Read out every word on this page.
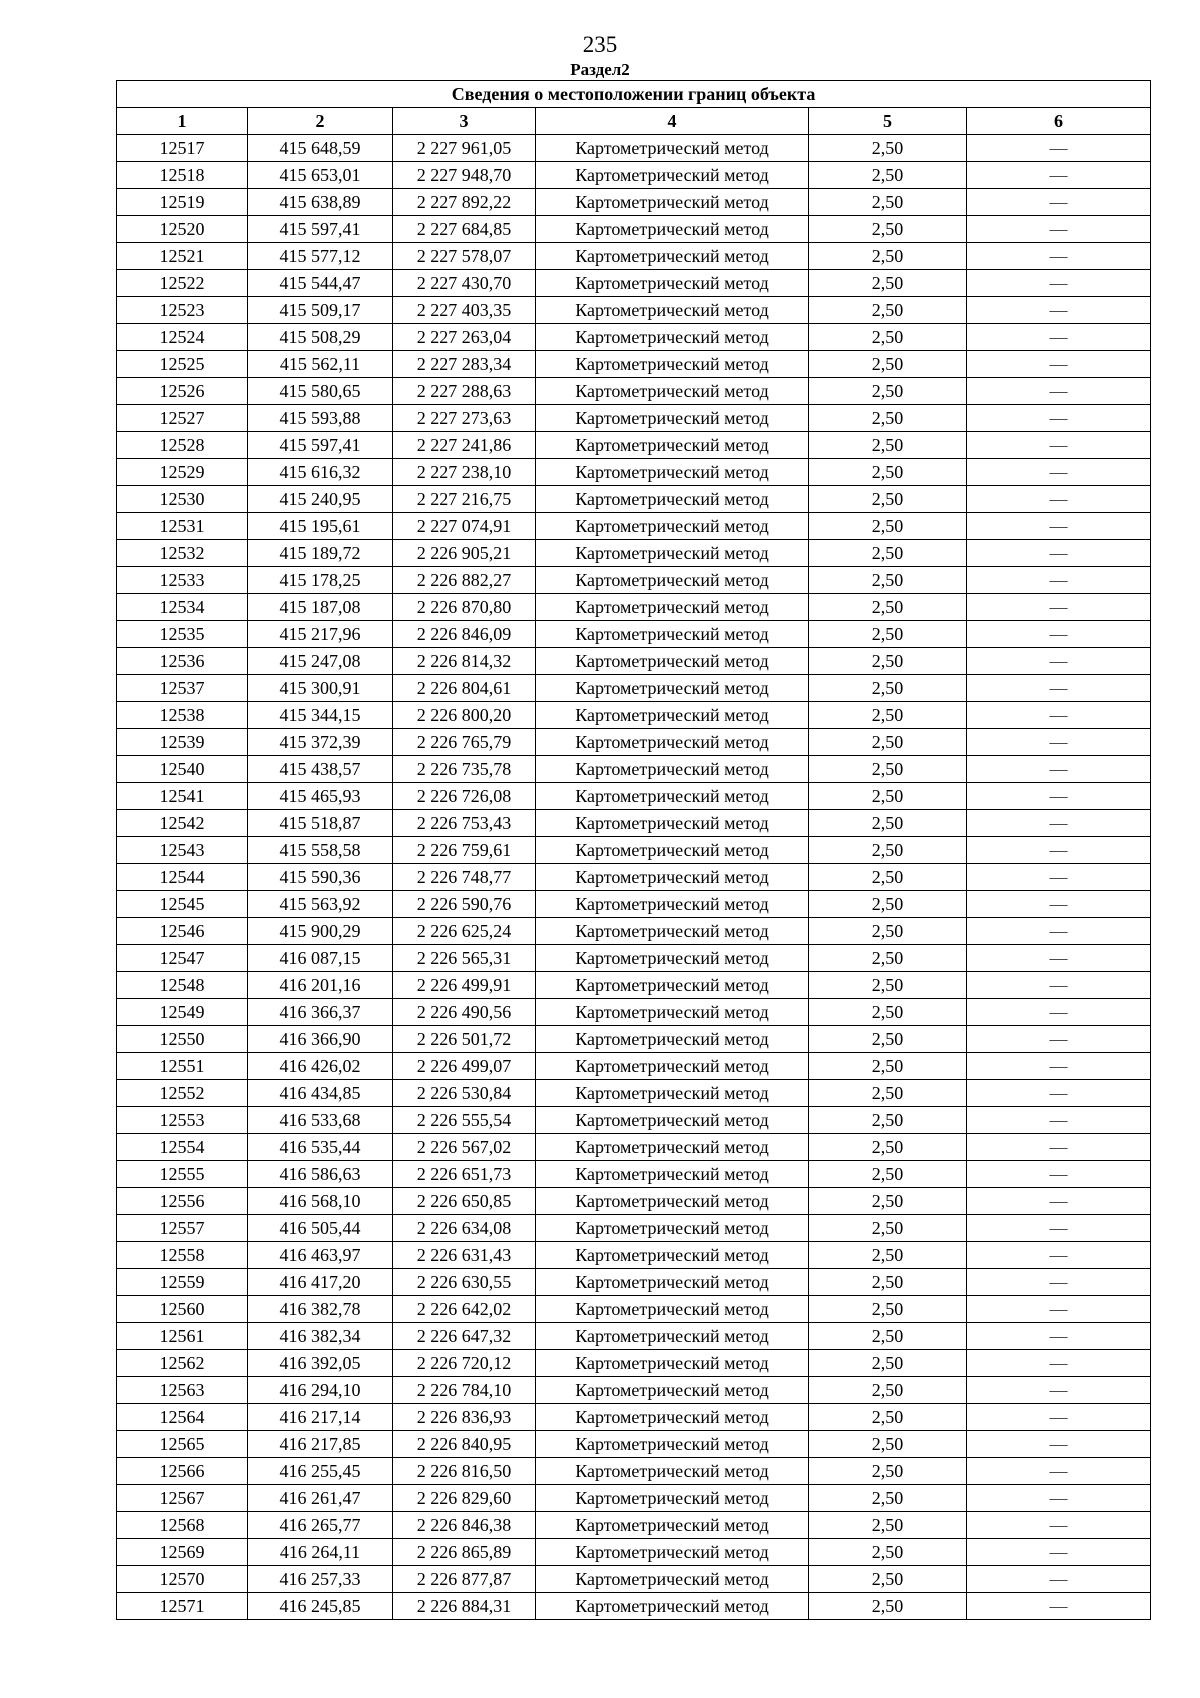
235
Раздел2
Сведения о местоположении границ объекта					
1	2	3	4	5	6
12517	415 648,59	2 227 961,05	Картометрический метод	2,50	—
12518	415 653,01	2 227 948,70	Картометрический метод	2,50	—
12519	415 638,89	2 227 892,22	Картометрический метод	2,50	—
12520	415 597,41	2 227 684,85	Картометрический метод	2,50	—
12521	415 577,12	2 227 578,07	Картометрический метод	2,50	—
12522	415 544,47	2 227 430,70	Картометрический метод	2,50	—
12523	415 509,17	2 227 403,35	Картометрический метод	2,50	—
12524	415 508,29	2 227 263,04	Картометрический метод	2,50	—
12525	415 562,11	2 227 283,34	Картометрический метод	2,50	—
12526	415 580,65	2 227 288,63	Картометрический метод	2,50	—
12527	415 593,88	2 227 273,63	Картометрический метод	2,50	—
12528	415 597,41	2 227 241,86	Картометрический метод	2,50	—
12529	415 616,32	2 227 238,10	Картометрический метод	2,50	—
12530	415 240,95	2 227 216,75	Картометрический метод	2,50	—
12531	415 195,61	2 227 074,91	Картометрический метод	2,50	—
12532	415 189,72	2 226 905,21	Картометрический метод	2,50	—
12533	415 178,25	2 226 882,27	Картометрический метод	2,50	—
12534	415 187,08	2 226 870,80	Картометрический метод	2,50	—
12535	415 217,96	2 226 846,09	Картометрический метод	2,50	—
12536	415 247,08	2 226 814,32	Картометрический метод	2,50	—
12537	415 300,91	2 226 804,61	Картометрический метод	2,50	—
12538	415 344,15	2 226 800,20	Картометрический метод	2,50	—
12539	415 372,39	2 226 765,79	Картометрический метод	2,50	—
12540	415 438,57	2 226 735,78	Картометрический метод	2,50	—
12541	415 465,93	2 226 726,08	Картометрический метод	2,50	—
12542	415 518,87	2 226 753,43	Картометрический метод	2,50	—
12543	415 558,58	2 226 759,61	Картометрический метод	2,50	—
12544	415 590,36	2 226 748,77	Картометрический метод	2,50	—
12545	415 563,92	2 226 590,76	Картометрический метод	2,50	—
12546	415 900,29	2 226 625,24	Картометрический метод	2,50	—
12547	416 087,15	2 226 565,31	Картометрический метод	2,50	—
12548	416 201,16	2 226 499,91	Картометрический метод	2,50	—
12549	416 366,37	2 226 490,56	Картометрический метод	2,50	—
12550	416 366,90	2 226 501,72	Картометрический метод	2,50	—
12551	416 426,02	2 226 499,07	Картометрический метод	2,50	—
12552	416 434,85	2 226 530,84	Картометрический метод	2,50	—
12553	416 533,68	2 226 555,54	Картометрический метод	2,50	—
12554	416 535,44	2 226 567,02	Картометрический метод	2,50	—
12555	416 586,63	2 226 651,73	Картометрический метод	2,50	—
12556	416 568,10	2 226 650,85	Картометрический метод	2,50	—
12557	416 505,44	2 226 634,08	Картометрический метод	2,50	—
12558	416 463,97	2 226 631,43	Картометрический метод	2,50	—
12559	416 417,20	2 226 630,55	Картометрический метод	2,50	—
12560	416 382,78	2 226 642,02	Картометрический метод	2,50	—
12561	416 382,34	2 226 647,32	Картометрический метод	2,50	—
12562	416 392,05	2 226 720,12	Картометрический метод	2,50	—
12563	416 294,10	2 226 784,10	Картометрический метод	2,50	—
12564	416 217,14	2 226 836,93	Картометрический метод	2,50	—
12565	416 217,85	2 226 840,95	Картометрический метод	2,50	—
12566	416 255,45	2 226 816,50	Картометрический метод	2,50	—
12567	416 261,47	2 226 829,60	Картометрический метод	2,50	—
12568	416 265,77	2 226 846,38	Картометрический метод	2,50	—
12569	416 264,11	2 226 865,89	Картометрический метод	2,50	—
12570	416 257,33	2 226 877,87	Картометрический метод	2,50	—
12571	416 245,85	2 226 884,31	Картометрический метод	2,50	—
